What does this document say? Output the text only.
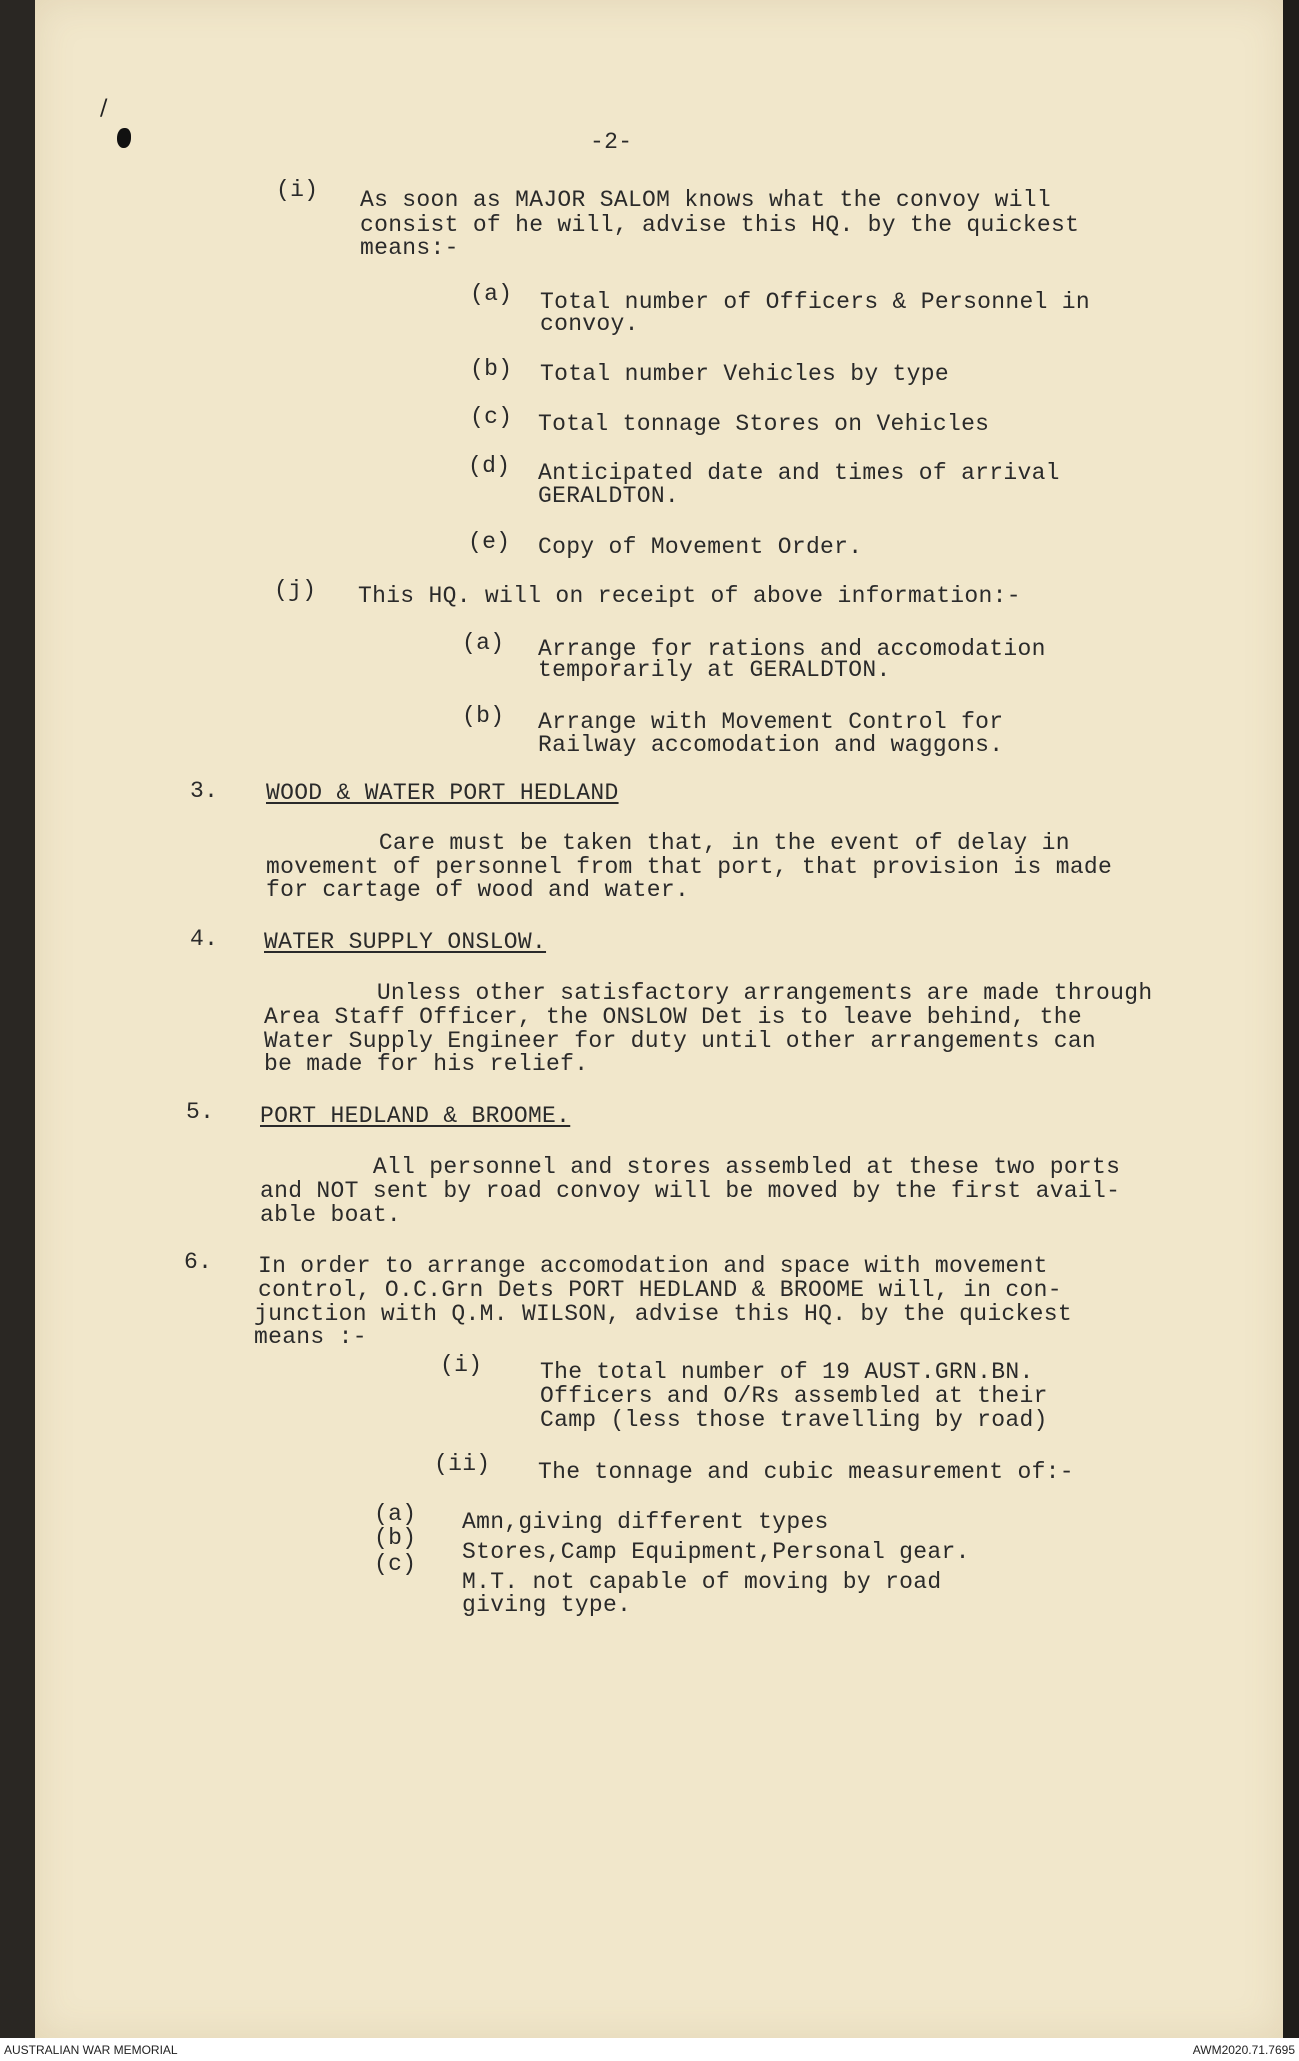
/
-2-
(i) As soon as MAJOR SALOM knows what the convoy will
consist of he will, advise this HQ. by the quickest
means:-
(a) Total number of Officers & Personnel in
convoy.
(b) Total number Vehicles by type
(c) Total tonnage Stores on Vehicles
(d) Anticipated date and times of arrival
GERALDTON.
(e) Copy of Movement Order.
(j) This HQ. will on receipt of above information:-
(a) Arrange for rations and accomodation
temporarily at GERALDTON.
(b) Arrange with Movement Control for
Railway accomodation and waggons.
3. WOOD & WATER PORT HEDLAND
Care must be taken that, in the event of delay in
movement of personnel from that port, that provision is made
for cartage of wood and water.
4. WATER SUPPLY ONSLOW.
Unless other satisfactory arrangements are made through
Area Staff Officer, the ONSLOW Det is to leave behind, the
Water Supply Engineer for duty until other arrangements can
be made for his relief.
5. PORT HEDLAND & BROOME.
All personnel and stores assembled at these two ports
and NOT sent by road convoy will be moved by the first avail-
able boat.
6. In order to arrange accomodation and space with movement
control, O.C.Grn Dets PORT HEDLAND & BROOME will, in con-
junction with Q.M. WILSON, advise this HQ. by the quickest
means :-
(i)	The total number of 19 AUST.GRN.BN.
Officers and O/Rs assembled at their
Camp (less those travelling by road)
(ii) The tonnage and cubic measurement of:-
(a) Amn,giving different types
(b)
Stores,Camp Equipment,Personal gear.
(c)
M.T. not capable of moving by road
giving type.
AUSTRALIAN WAR MEMORIAL	AWM2020.71.7695
